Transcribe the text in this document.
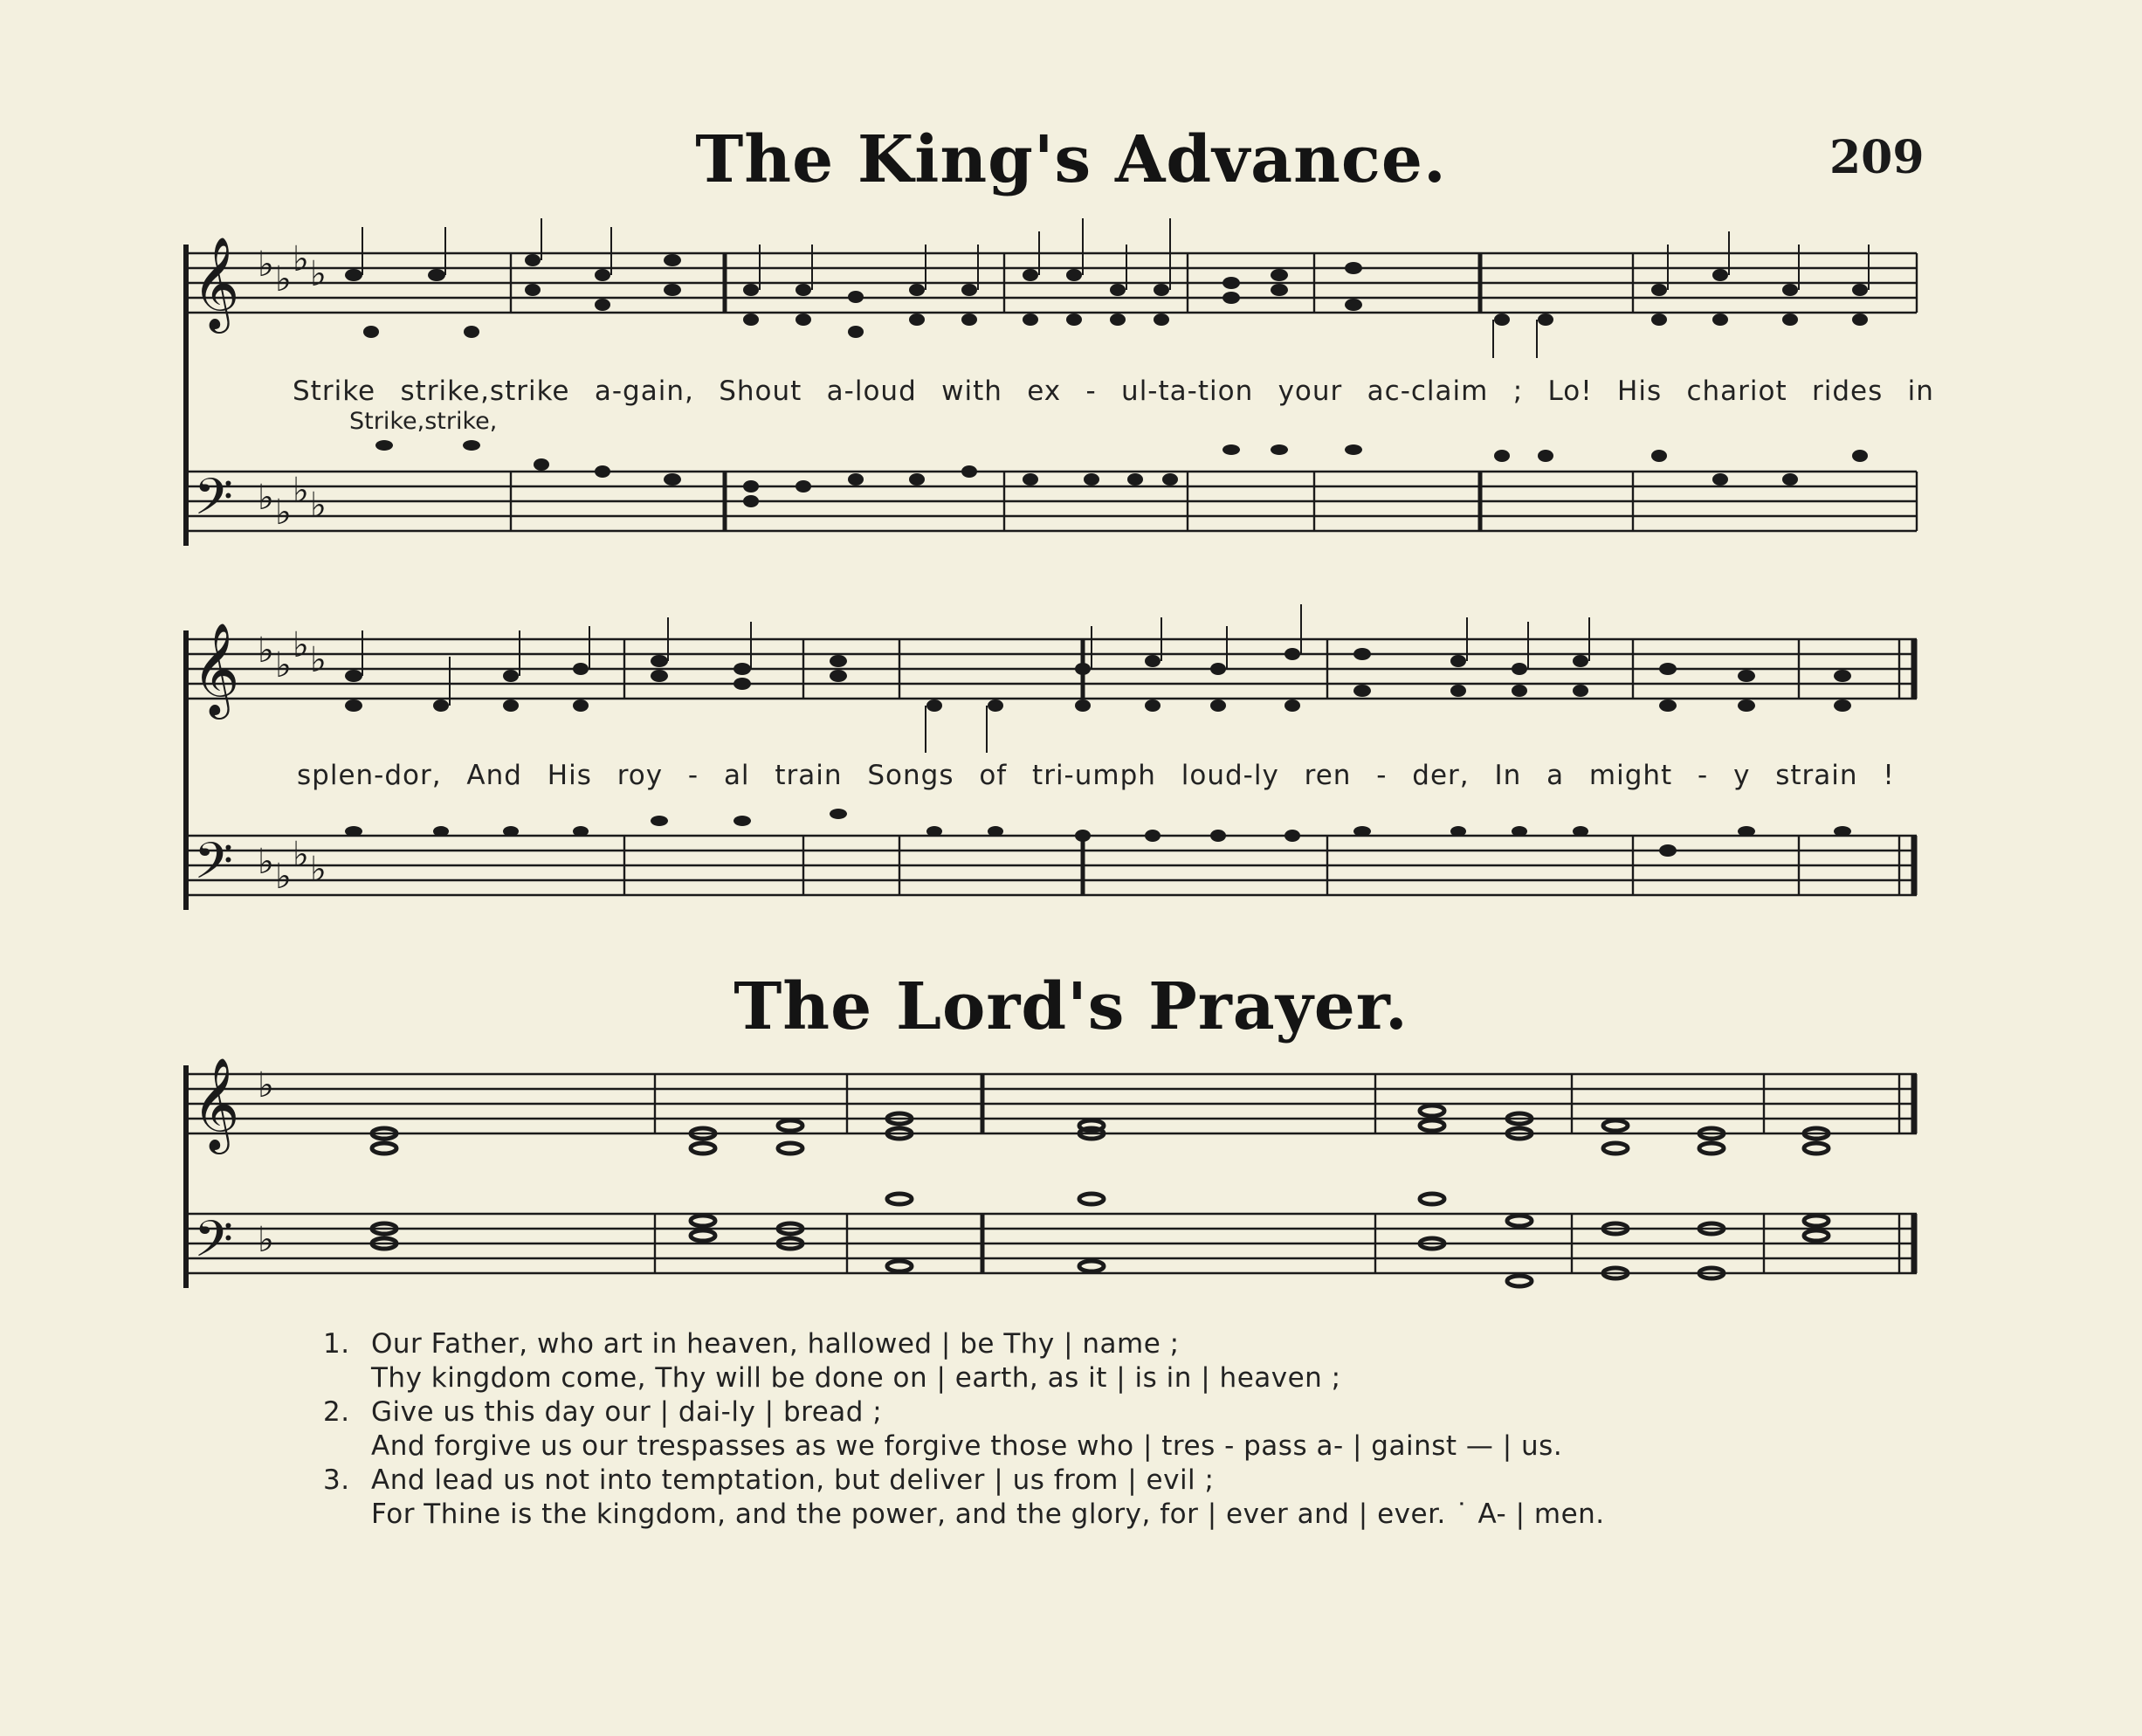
The King's Advance.	209
𝄞
𝄢
♭ ♭ ♭ ♭
♭ ♭
♭ ♭
Strike strike,strike a-gain, Shout a-loud with ex - ul-ta-tion your ac-claim ; Lo! His chariot rides in
Strike,strike,
𝄞
𝄢
♭ ♭ ♭ ♭
♭ ♭
♭ ♭
splen-dor, And His roy - al train Songs of tri-umph loud-ly ren - der, In a might - y strain !
The Lord's Prayer.
𝄞
𝄢
♭
♭
1. Our Father, who art in heaven, hallowed | be Thy | name ;
Thy kingdom come, Thy will be done on | earth, as it | is in | heaven ;
2. Give us this day our | dai-ly | bread ;
And forgive us our trespasses as we forgive those who | tres - pass a- | gainst — | us.
3. And lead us not into temptation, but deliver | us from | evil ;
For Thine is the kingdom, and the power, and the glory, for | ever and | ever. ˙ A- | men.
